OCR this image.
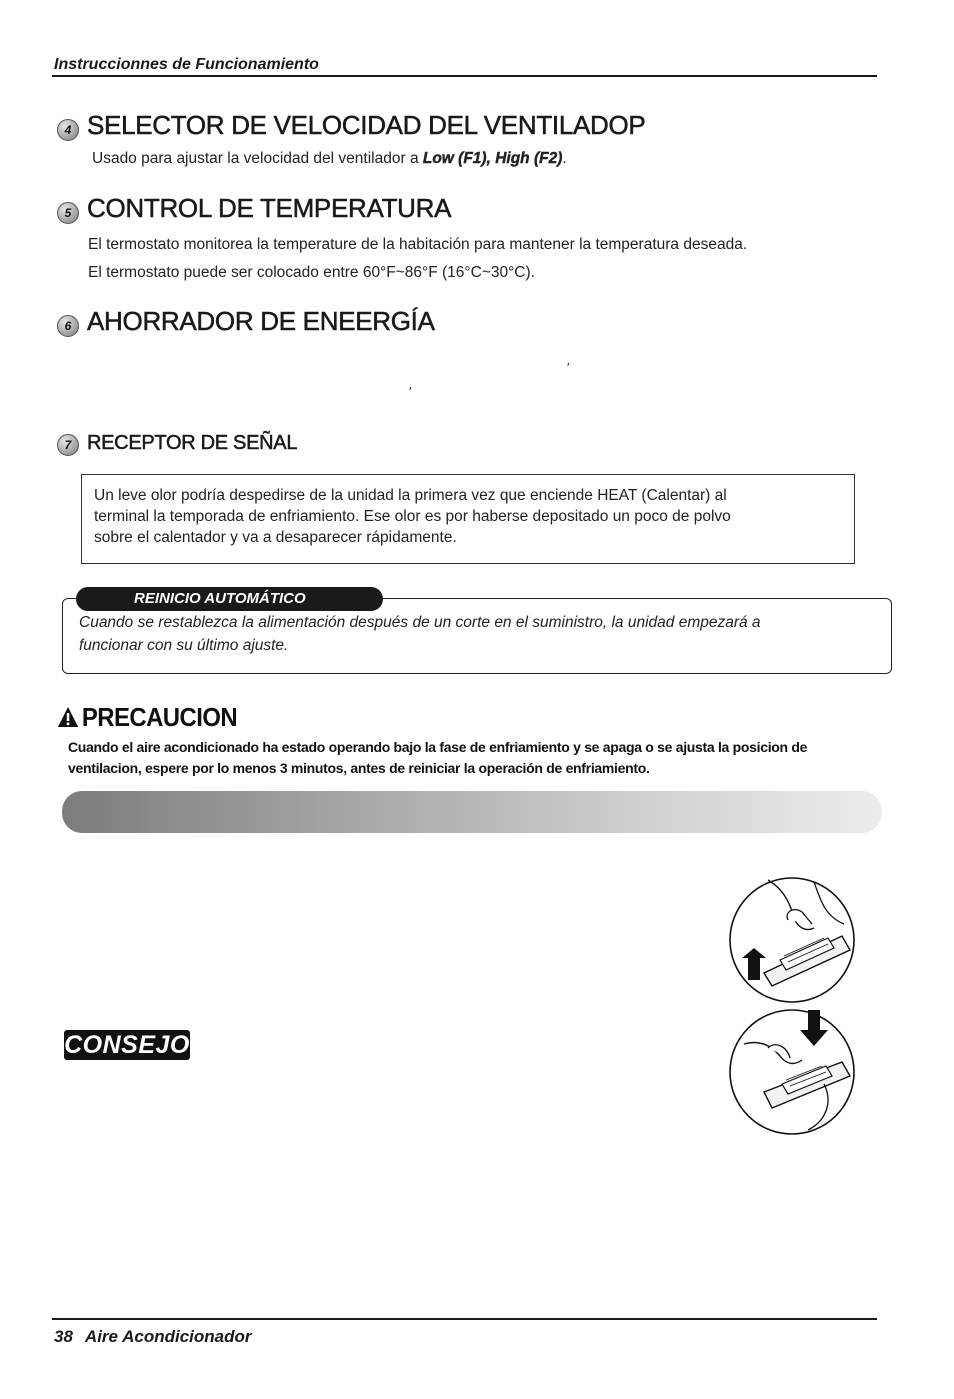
Instruccionnes de Funcionamiento
4 SELECTOR DE VELOCIDAD DEL VENTILADOP
Usado para ajustar la velocidad del ventilador a Low (F1), High (F2).
5 CONTROL DE TEMPERATURA
El termostato monitorea la temperature de la habitación para mantener la temperatura deseada.
El termostato puede ser colocado entre 60°F~86°F (16°C~30°C).
6 AHORRADOR DE ENEERGÍA
′
′
7 RECEPTOR DE SEÑAL
Un leve olor podría despedirse de la unidad la primera vez que enciende HEAT (Calentar) al
terminal la temporada de enfriamiento. Ese olor es por haberse depositado un poco de polvo
sobre el calentador y va a desaparecer rápidamente.
Cuando se restablezca la alimentación después de un corte en el suministro, la unidad empezará a
funcionar con su último ajuste.
REINICIO AUTOMÁTICO
PRECAUCION
Cuando el aire acondicionado ha estado operando bajo la fase de enfriamiento y se apaga o se ajusta la posicion de
ventilacion, espere por lo menos 3 minutos, antes de reiniciar la operación de enfriamiento.
CONSEJO
38 Aire Acondicionador
